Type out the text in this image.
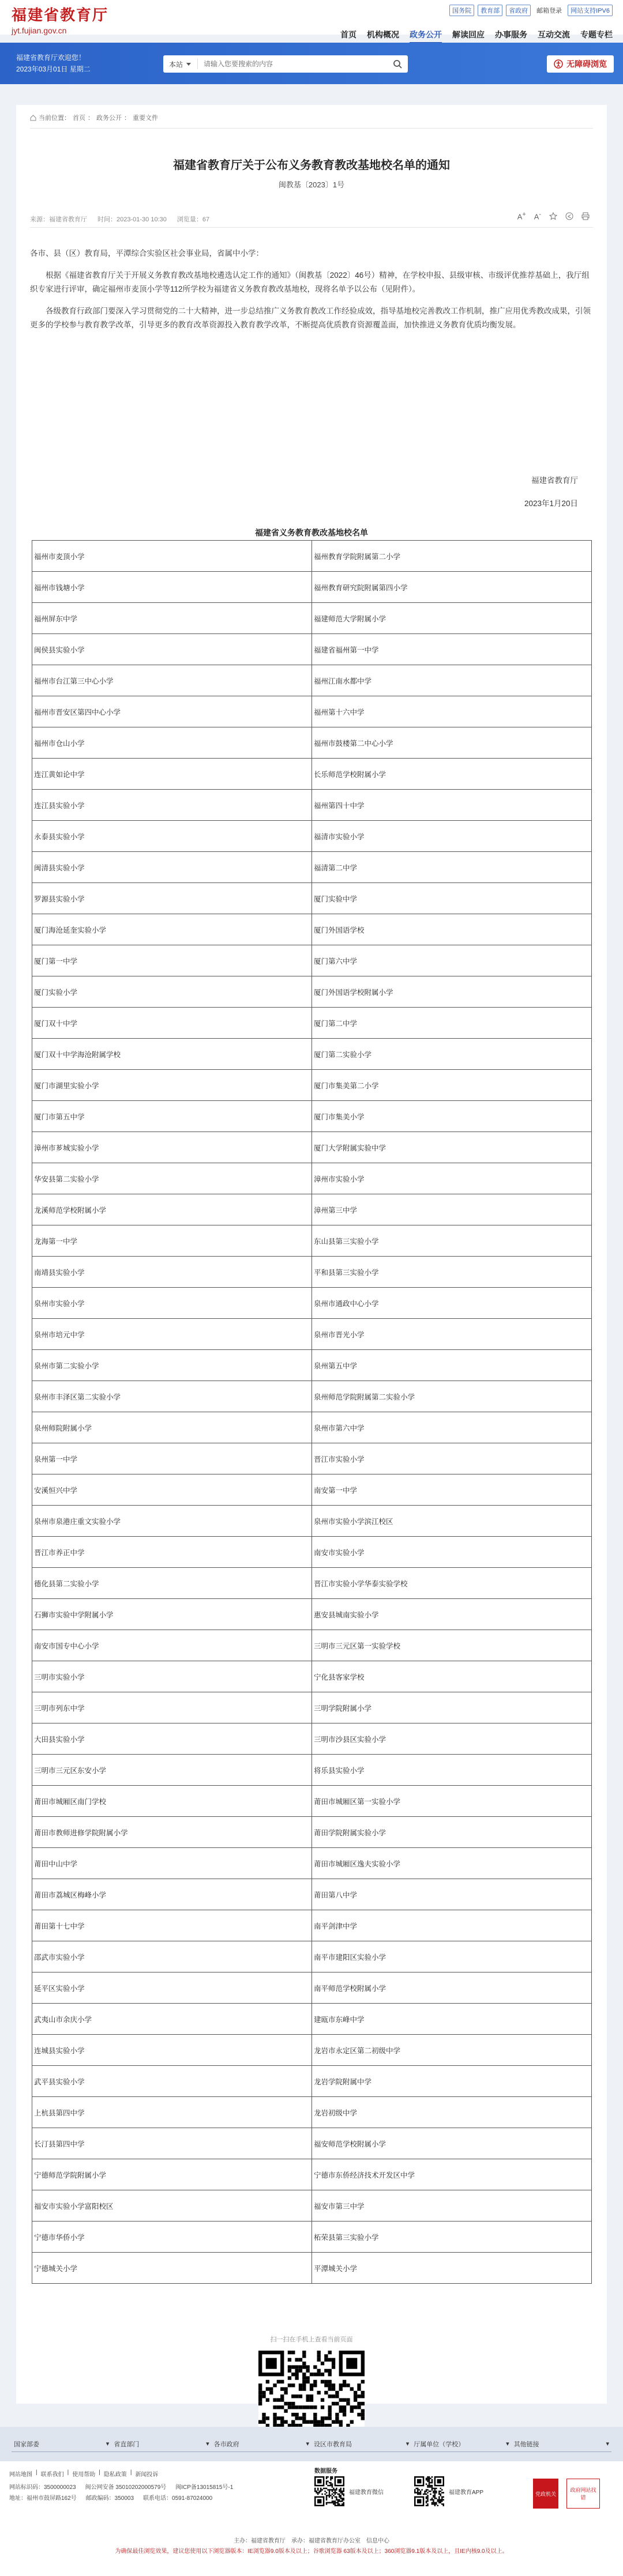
福建省教育厅
jyt.fujian.gov.cn
国务院	教育部	省政府	邮箱登录	网站支持IPV6
首页 机构概况 政务公开 解读回应 办事服务 互动交流 专题专栏
福建省教育厅欢迎您！
2023年03月01日 星期二
本站
请输入您要搜索的内容	无障碍浏览
当前位置： 首页 ： 政务公开 ： 重要文件
福建省教育厅关于公布义务教育教改基地校名单的通知
闽教基〔2023〕1号
来源：福建省教育厅 时间：2023-01-30 10:30 浏览量：67	A+ A-

各市、县（区）教育局，平潭综合实验区社会事业局，省属中小学：

根据《福建省教育厅关于开展义务教育教改基地校遴选认定工作的通知》（闽教基〔2022〕46号）精神，在学校申报、县级审核、市级评优推荐基础上，我厅组织专家进行评审，确定福州市麦顶小学等112所学校为福建省义务教育教改基地校，现将名单予以公布（见附件）。

各级教育行政部门要深入学习贯彻党的二十大精神，进一步总结推广义务教育教改工作经验成效，指导基地校完善教改工作机制，推广应用优秀教改成果，引领更多的学校参与教育教学改革，引导更多的教育改革资源投入教育教学改革，不断提高优质教育资源覆盖面，加快推进义务教育优质均衡发展。

福建省教育厅
2023年1月20日
福建省义务教育教改基地校名单
福州市麦顶小学	福州教育学院附属第二小学
福州市钱塘小学	福州教育研究院附属第四小学
福州屏东中学	福建师范大学附属小学
闽侯县实验小学	福建省福州第一中学
福州市台江第三中心小学	福州江南水都中学
福州市晋安区第四中心小学	福州第十六中学
福州市仓山小学	福州市鼓楼第二中心小学
连江黄如论中学	长乐师范学校附属小学
连江县实验小学	福州第四十中学
永泰县实验小学	福清市实验小学
闽清县实验小学	福清第二中学
罗源县实验小学	厦门实验中学
厦门海沧延奎实验小学	厦门外国语学校
厦门第一中学	厦门第六中学
厦门实验小学	厦门外国语学校附属小学
厦门双十中学	厦门第二中学
厦门双十中学海沧附属学校	厦门第二实验小学
厦门市湖里实验小学	厦门市集美第二小学
厦门市第五中学	厦门市集美小学
漳州市芗城实验小学	厦门大学附属实验中学
华安县第二实验小学	漳州市实验小学
龙溪师范学校附属小学	漳州第三中学
龙海第一中学	东山县第三实验小学
南靖县实验小学	平和县第三实验小学
泉州市实验小学	泉州市通政中心小学
泉州市培元中学	泉州市晋光小学
泉州市第二实验小学	泉州第五中学
泉州市丰泽区第二实验小学	泉州师范学院附属第二实验小学
泉州师院附属小学	泉州市第六中学
泉州第一中学	晋江市实验小学
安溪恒兴中学	南安第一中学
泉州市泉港庄重文实验小学	泉州市实验小学滨江校区
晋江市养正中学	南安市实验小学
德化县第二实验小学	晋江市实验小学华泰实验学校
石狮市实验中学附属小学	惠安县城南实验小学
南安市国专中心小学	三明市三元区第一实验学校
三明市实验小学	宁化县客家学校
三明市列东中学	三明学院附属小学
大田县实验小学	三明市沙县区实验小学
三明市三元区东安小学	将乐县实验小学
莆田市城厢区南门学校	莆田市城厢区第一实验小学
莆田市教师进修学院附属小学	莆田学院附属实验小学
莆田中山中学	莆田市城厢区逸夫实验小学
莆田市荔城区梅峰小学	莆田第八中学
莆田第十七中学	南平剑津中学
邵武市实验小学	南平市建阳区实验小学
延平区实验小学	南平师范学校附属小学
武夷山市余庆小学	建瓯市东峰中学
连城县实验小学	龙岩市永定区第二初级中学
武平县实验小学	龙岩学院附属中学
上杭县第四中学	龙岩初级中学
长汀县第四中学	福安师范学校附属小学
宁德师范学院附属小学	宁德市东侨经济技术开发区中学
福安市实验小学富阳校区	福安市第三中学
宁德市华侨小学	柘荣县第三实验小学
宁德城关小学	平潭城关小学
扫一扫在手机上查看当前页面
国家部委	▾ 省直部门	▾ 各市政府	▾ 设区市教育局	▾ 厅属单位（学校）	▾ 其他链接	▾
网站地图 | 联系我们 | 使用帮助 | 隐私政策 | 新闻投诉
网站标识码：3500000023 闽公网安备 35010202000579号 闽ICP备13015815号-1
地址：福州市鼓屏路162号 邮政编码：350003 联系电话：0591-87024000
数据服务
福建教育微信	福建教育APP	党政机关
政府网站找错
主办：福建省教育厅　承办：福建省教育厅办公室　信息中心
为确保最佳浏览效果，建议您使用以下浏览器版本：IE浏览器9.0版本及以上；谷歌浏览器 63版本及以上；360浏览器9.1版本及以上，且IE内核9.0及以上。
